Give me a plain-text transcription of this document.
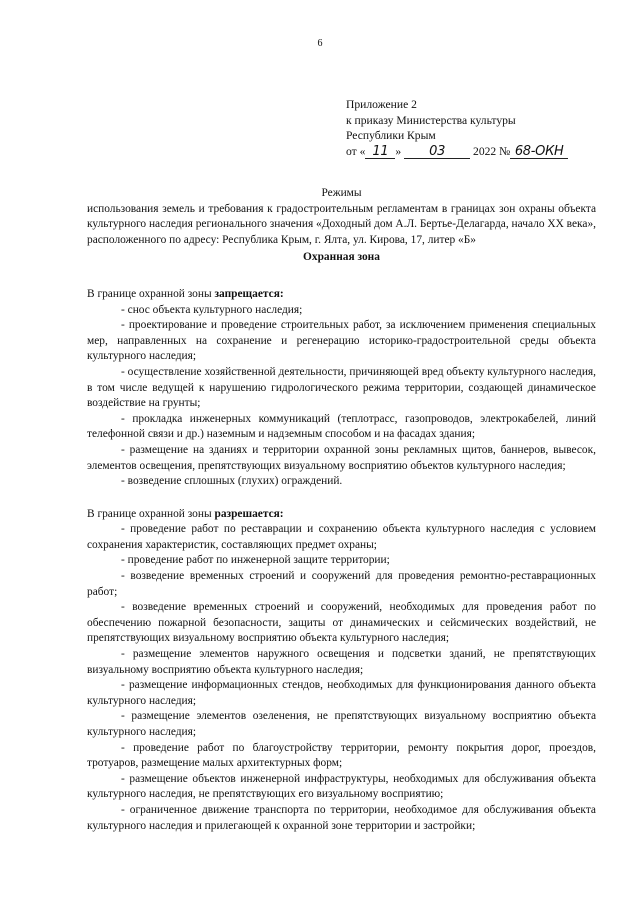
6
Приложение 2
к приказу Министерства культуры
Республики Крым
от « 11 » 03 2022 № 68-ОКН

Режимы

использования земель и требования к градостроительным регламентам в границах зон охраны объекта культурного наследия регионального значения «Доходный дом А.Л. Бертье-Делагарда, начало XX века», расположенного по адресу: Республика Крым, г. Ялта, ул. Кирова, 17, литер «Б»

Охранная зона

В границе охранной зоны запрещается:

- снос объекта культурного наследия;

- проектирование и проведение строительных работ, за исключением применения специальных мер, направленных на сохранение и регенерацию историко-градостроительной среды объекта культурного наследия;

- осуществление хозяйственной деятельности, причиняющей вред объекту культурного наследия, в том числе ведущей к нарушению гидрологического режима территории, создающей динамическое воздействие на грунты;

- прокладка инженерных коммуникаций (теплотрасс, газопроводов, электрокабелей, линий телефонной связи и др.) наземным и надземным способом и на фасадах здания;

- размещение на зданиях и территории охранной зоны рекламных щитов, баннеров, вывесок, элементов освещения, препятствующих визуальному восприятию объектов культурного наследия;

- возведение сплошных (глухих) ограждений.

В границе охранной зоны разрешается:

- проведение работ по реставрации и сохранению объекта культурного наследия с условием сохранения характеристик, составляющих предмет охраны;

- проведение работ по инженерной защите территории;

- возведение временных строений и сооружений для проведения ремонтно-реставрационных работ;

- возведение временных строений и сооружений, необходимых для проведения работ по обеспечению пожарной безопасности, защиты от динамических и сейсмических воздействий, не препятствующих визуальному восприятию объекта культурного наследия;

- размещение элементов наружного освещения и подсветки зданий, не препятствующих визуальному восприятию объекта культурного наследия;

- размещение информационных стендов, необходимых для функционирования данного объекта культурного наследия;

- размещение элементов озеленения, не препятствующих визуальному восприятию объекта культурного наследия;

- проведение работ по благоустройству территории, ремонту покрытия дорог, проездов, тротуаров, размещение малых архитектурных форм;

- размещение объектов инженерной инфраструктуры, необходимых для обслуживания объекта культурного наследия, не препятствующих его визуальному восприятию;

- ограниченное движение транспорта по территории, необходимое для обслуживания объекта культурного наследия и прилегающей к охранной зоне территории и застройки;
